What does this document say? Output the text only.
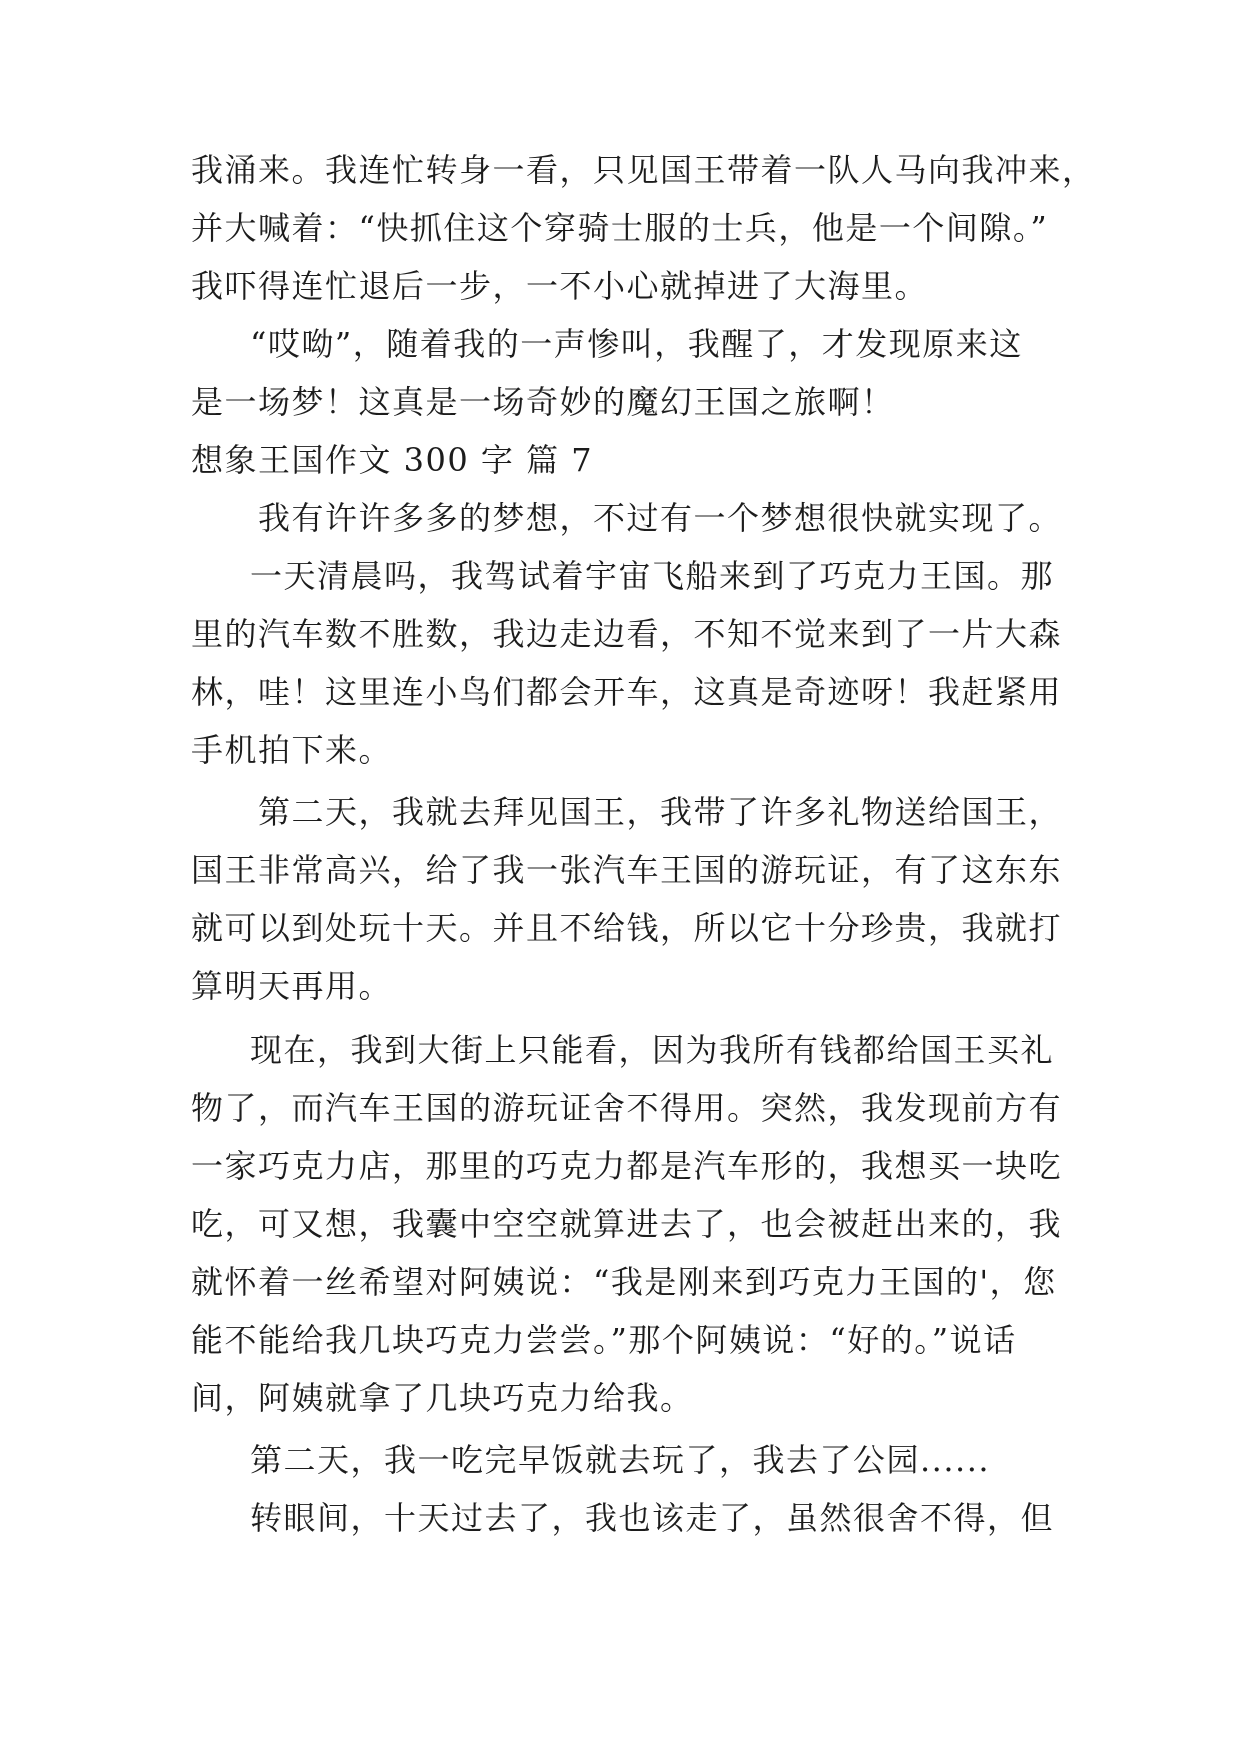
我涌来。我连忙转身一看，只见国王带着一队人马向我冲来，
并大喊着：“快抓住这个穿骑士服的士兵，他是一个间隙。”
我吓得连忙退后一步，一不小心就掉进了大海里。
“哎呦”，随着我的一声惨叫，我醒了，才发现原来这
是一场梦！这真是一场奇妙的魔幻王国之旅啊！
想象王国作文 300 字 篇 7
我有许许多多的梦想，不过有一个梦想很快就实现了。
一天清晨吗，我驾试着宇宙飞船来到了巧克力王国。那
里的汽车数不胜数，我边走边看，不知不觉来到了一片大森
林，哇！这里连小鸟们都会开车，这真是奇迹呀！我赶紧用
手机拍下来。
第二天，我就去拜见国王，我带了许多礼物送给国王，
国王非常高兴，给了我一张汽车王国的游玩证，有了这东东
就可以到处玩十天。并且不给钱，所以它十分珍贵，我就打
算明天再用。
现在，我到大街上只能看，因为我所有钱都给国王买礼
物了，而汽车王国的游玩证舍不得用。突然，我发现前方有
一家巧克力店，那里的巧克力都是汽车形的，我想买一块吃
吃，可又想，我囊中空空就算进去了，也会被赶出来的，我
就怀着一丝希望对阿姨说：“我是刚来到巧克力王国的'，您
能不能给我几块巧克力尝尝。”那个阿姨说：“好的。”说话
间，阿姨就拿了几块巧克力给我。
第二天，我一吃完早饭就去玩了，我去了公园......
转眼间，十天过去了，我也该走了，虽然很舍不得，但
